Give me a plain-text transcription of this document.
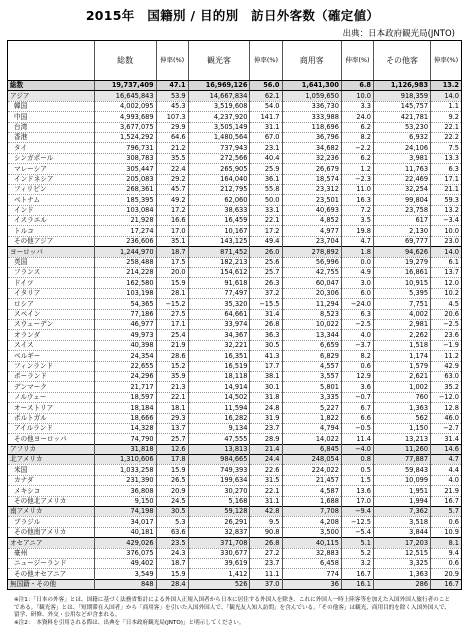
2015年　国籍別 / 目的別　訪日外客数（確定値）
出典：日本政府観光局(JNTO)
	総数	伸率(%)	観光客	伸率(%)	商用客	伸率(%)	その他客	伸率(%)
総数	19,737,409	47.1	16,969,126	56.0	1,641,300	6.8	1,126,983	13.2
アジア	16,645,843	53.9	14,667,834	62.1	1,059,650	10.0	918,359	14.0
韓国	4,002,095	45.3	3,519,608	54.0	336,730	3.3	145,757	1.1
中国	4,993,689	107.3	4,237,920	141.7	333,988	24.0	421,781	9.2
台湾	3,677,075	29.9	3,505,149	31.1	118,696	6.2	53,230	22.1
香港	1,524,292	64.6	1,480,564	67.0	36,796	8.2	6,932	22.2
タイ	796,731	21.2	737,943	23.1	34,682	−2.2	24,106	7.5
シンガポール	308,783	35.5	272,566	40.4	32,236	6.2	3,981	13.3
マレーシア	305,447	22.4	265,905	25.9	26,679	1.2	11,763	6.3
インドネシア	205,083	29.2	164,040	36.1	18,574	−2.3	22,469	17.1
フィリピン	268,361	45.7	212,795	55.8	23,312	11.0	32,254	21.1
ベトナム	185,395	49.2	62,060	50.0	23,501	16.3	99,804	59.3
インド	103,084	17.2	38,633	33.1	40,693	7.2	23,758	13.2
イスラエル	21,928	16.6	16,459	22.1	4,852	3.5	617	−3.4
トルコ	17,274	17.0	10,167	17.2	4,977	19.8	2,130	10.0
その他アジア	236,606	35.1	143,125	49.4	23,704	4.7	69,777	23.0
ヨーロッパ	1,244,970	18.7	871,452	26.0	278,892	1.8	94,626	14.0
英国	258,488	17.5	182,213	25.6	56,996	0.0	19,279	6.1
フランス	214,228	20.0	154,612	25.7	42,755	4.9	16,861	13.7
ドイツ	162,580	15.9	91,618	26.3	60,047	3.0	10,915	12.0
イタリア	103,198	28.1	77,497	37.2	20,306	6.0	5,395	10.2
ロシア	54,365	−15.2	35,320	−15.5	11,294	−24.0	7,751	4.5
スペイン	77,186	27.5	64,661	31.4	8,523	6.3	4,002	20.6
スウェーデン	46,977	17.1	33,974	26.8	10,022	−2.5	2,981	−2.5
オランダ	49,973	25.4	34,367	36.3	13,344	4.0	2,262	23.6
スイス	40,398	21.9	32,221	30.5	6,659	−3.7	1,518	−1.9
ベルギー	24,354	28.6	16,351	41.3	6,829	8.2	1,174	11.2
フィンランド	22,655	15.2	16,519	17.7	4,557	0.6	1,579	42.9
ポーランド	24,296	35.9	18,118	38.1	3,557	12.9	2,621	63.0
デンマーク	21,717	21.3	14,914	30.1	5,801	3.6	1,002	35.2
ノルウェー	18,597	22.1	14,502	31.8	3,335	−0.7	760	−12.0
オーストリア	18,184	18.1	11,594	24.8	5,227	6.7	1,363	12.8
ポルトガル	18,666	29.3	16,282	31.9	1,822	6.6	562	46.0
アイルランド	14,328	13.7	9,134	23.7	4,794	−0.5	1,150	−2.7
その他ヨーロッパ	74,790	25.7	47,555	28.9	14,022	11.4	13,213	31.4
アフリカ	31,818	12.6	13,813	21.4	6,845	−4.0	11,260	14.6
北アメリカ	1,310,606	17.8	984,665	24.4	248,054	0.8	77,887	4.7
米国	1,033,258	15.9	749,393	22.6	224,022	0.5	59,843	4.4
カナダ	231,390	26.5	199,634	31.5	21,457	1.5	10,099	4.0
メキシコ	36,808	20.9	30,270	22.1	4,587	13.6	1,951	21.9
その他北アメリカ	9,150	24.5	5,168	31.1	1,688	17.0	1,994	16.7
南アメリカ	74,198	30.5	59,128	42.8	7,708	−9.4	7,362	5.7
ブラジル	34,017	5.3	26,291	9.5	4,208	−12.5	3,518	0.6
その他南アメリカ	40,181	63.6	32,837	90.8	3,500	−5.4	3,844	10.9
オセアニア	429,026	23.5	371,708	26.8	40,115	5.1	17,203	8.1
豪州	376,075	24.3	330,677	27.2	32,883	5.2	12,515	9.4
ニュージーランド	49,402	18.7	39,619	23.7	6,458	3.2	3,325	0.6
その他オセアニア	3,549	15.9	1,412	11.1	774	16.7	1,363	20.9
無国籍・その他	848	28.4	526	37.0	36	16.1	286	16.7

※注1：「日本の外客」とは、国籍に基づく法務省集計による外国人正規入国者から日本に居住する外国人を除き、これに外国人一時上陸客等を加えた入国外国人旅行者のことである。「観光客」とは、「短期滞在入国者」から「商用客」を引いた入国外国人で、「観光友人知人訪問」を含んでいる。「その他客」は観光、商用目的を除く入国外国人で、留学、研修、外交・公用などが含まれる。

※注2：　本資料を引用される際は、出典を「日本政府観光局(JNTO)」と明示してください。
